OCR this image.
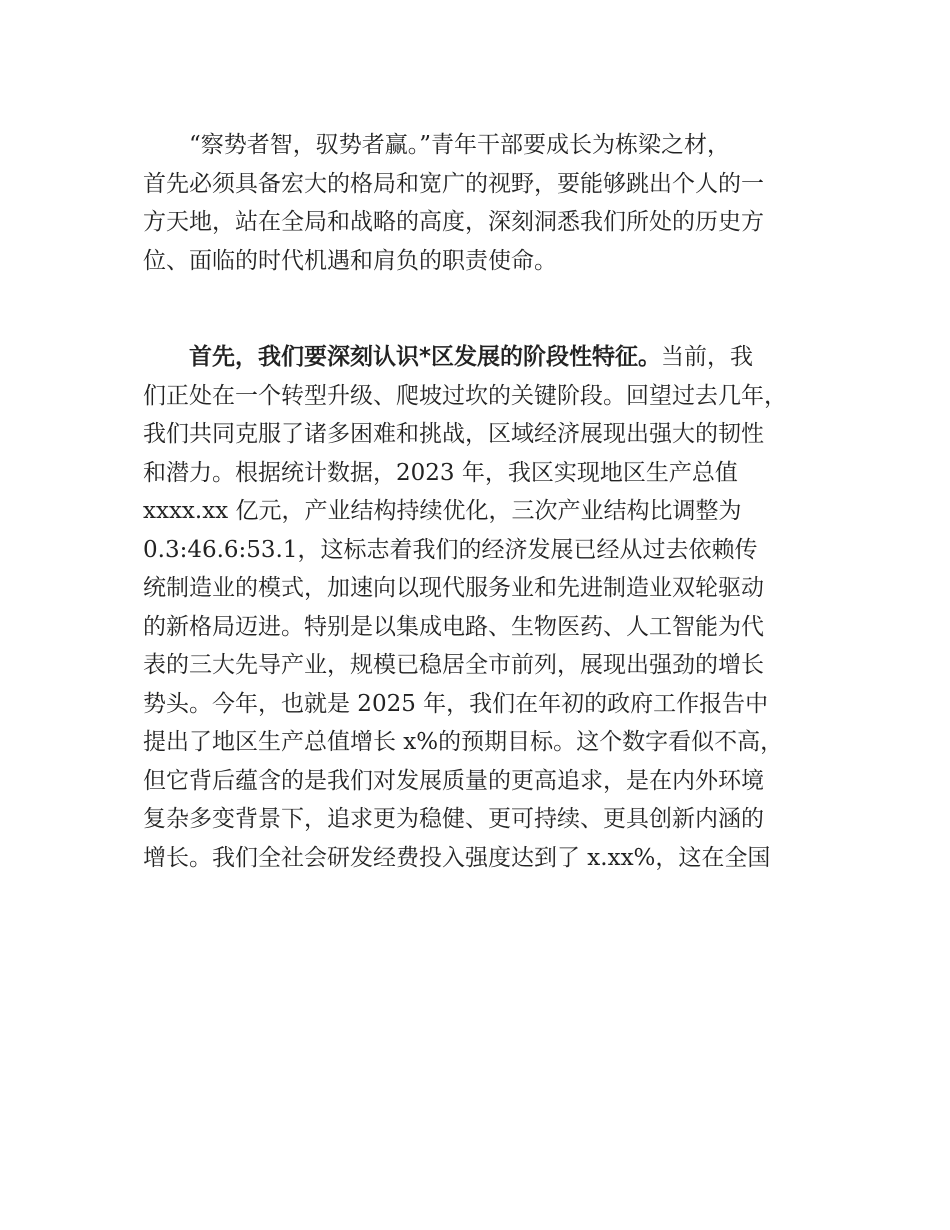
“察势者智，驭势者赢。”青年干部要成长为栋梁之材，
首先必须具备宏大的格局和宽广的视野，要能够跳出个人的一
方天地，站在全局和战略的高度，深刻洞悉我们所处的历史方
位、面临的时代机遇和肩负的职责使命。
首先，我们要深刻认识*区发展的阶段性特征。当前，我
们正处在一个转型升级、爬坡过坎的关键阶段。回望过去几年，
我们共同克服了诸多困难和挑战，区域经济展现出强大的韧性
和潜力。根据统计数据，2023 年，我区实现地区生产总值
xxxx.xx 亿元，产业结构持续优化，三次产业结构比调整为
0.3:46.6:53.1，这标志着我们的经济发展已经从过去依赖传
统制造业的模式，加速向以现代服务业和先进制造业双轮驱动
的新格局迈进。特别是以集成电路、生物医药、人工智能为代
表的三大先导产业，规模已稳居全市前列，展现出强劲的增长
势头。今年，也就是 2025 年，我们在年初的政府工作报告中
提出了地区生产总值增长 x%的预期目标。这个数字看似不高，
但它背后蕴含的是我们对发展质量的更高追求，是在内外环境
复杂多变背景下，追求更为稳健、更可持续、更具创新内涵的
增长。我们全社会研发经费投入强度达到了 x.xx%，这在全国
